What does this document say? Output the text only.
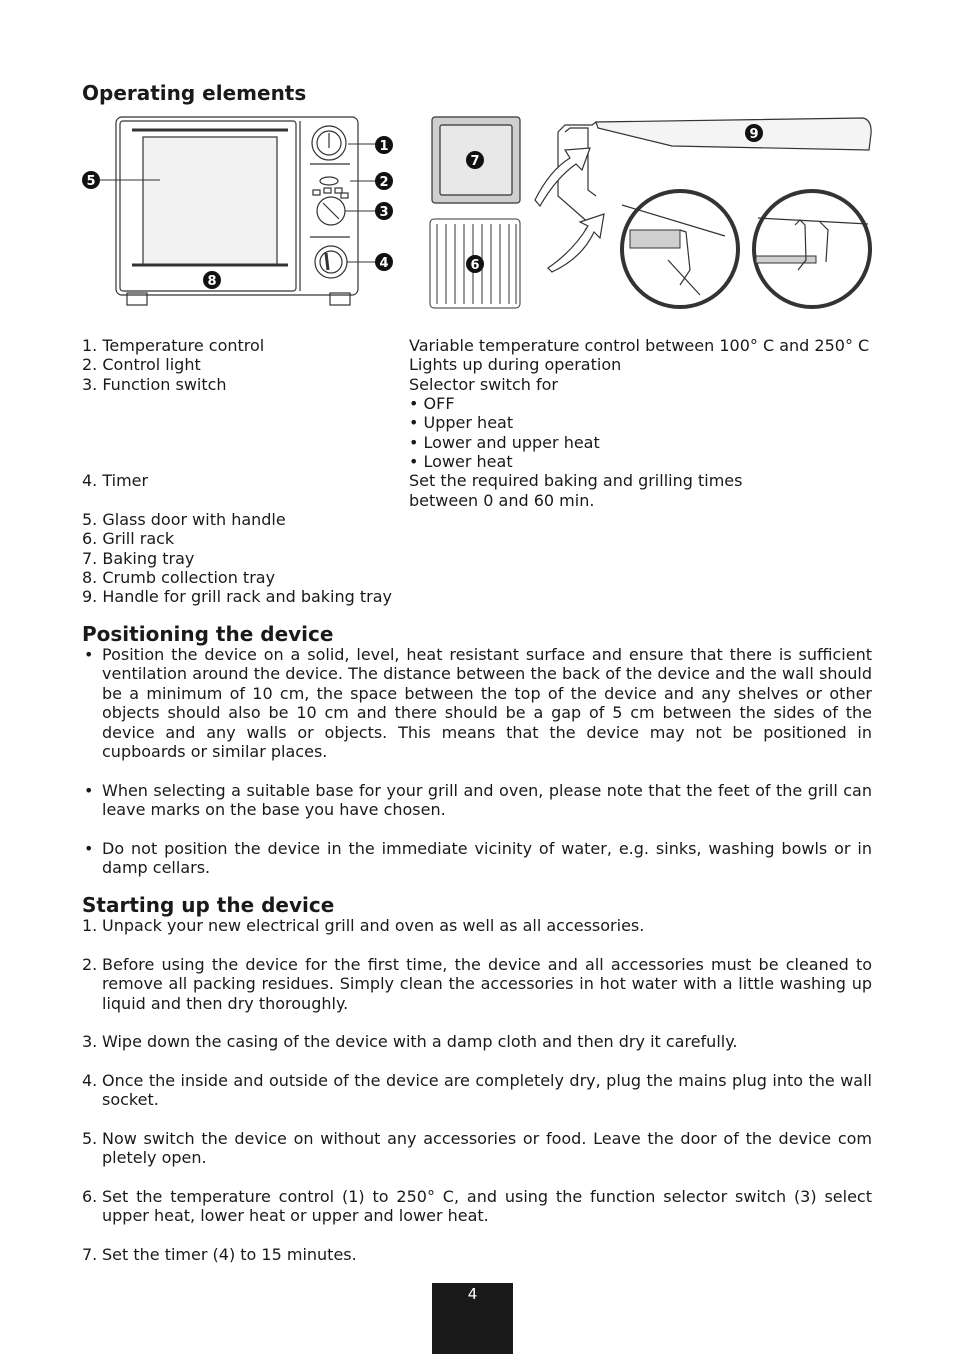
Operating elements
1
2
3
4
5
6
7
8
9
1. Temperature control
2. Control light
3. Function switch
4. Timer
5. Glass door with handle
6. Grill rack
7. Baking tray
8. Crumb collection tray
9. Handle for grill rack and baking tray
Variable temperature control between 100° C and 250° C
Lights up during operation
Selector switch for
• OFF
• Upper heat
• Lower and upper heat
• Lower heat
Set the required baking and grilling times
between 0 and 60 min.
Positioning the device
• Position the device on a solid, level, heat resistant surface and ensure that there is sufficient ventilation around the device. The distance between the back of the device and the wall should be a minimum of 10 cm, the space between the top of the device and any shelves or other objects should also be 10 cm and there should be a gap of 5 cm between the sides of the device and any walls or objects. This means that the device may not be positioned in cupboards or similar places.
• When selecting a suitable base for your grill and oven, please note that the feet of the grill can leave marks on the base you have chosen.
• Do not position the device in the immediate vicinity of water, e.g. sinks, washing bowls or in damp cellars.
Starting up the device
1. Unpack your new electrical grill and oven as well as all accessories.
2. Before using the device for the first time, the device and all accessories must be cleaned to remove all packing residues. Simply clean the accessories in hot water with a little washing up liquid and then dry thoroughly.
3. Wipe down the casing of the device with a damp cloth and then dry it carefully.
4. Once the inside and outside of the device are completely dry, plug the mains plug into the wall socket.
5. Now switch the device on without any accessories or food. Leave the door of the device com pletely open.
6. Set the temperature control (1) to 250° C, and using the function selector switch (3) select upper heat, lower heat or upper and lower heat.
7. Set the timer (4) to 15 minutes.
4
